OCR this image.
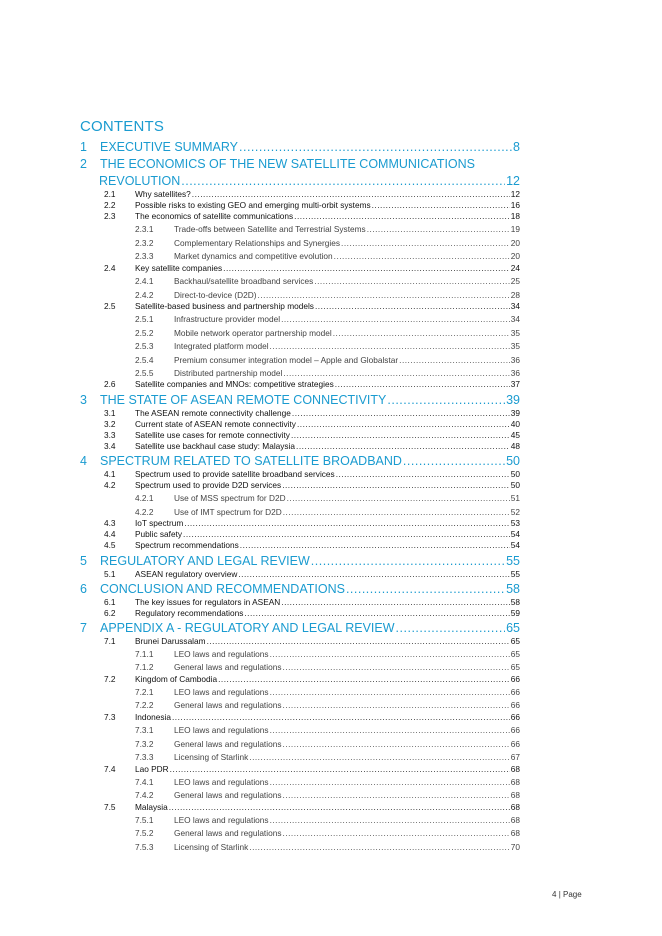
CONTENTS
1	EXECUTIVE SUMMARY .....	8
2	THE ECONOMICS OF THE NEW SATELLITE COMMUNICATIONS
REVOLUTION .....	12
2.1	Why satellites? .....	12
2.2	Possible risks to existing GEO and emerging multi-orbit systems .....	16
2.3	The economics of satellite communications .....	18
2.3.1	Trade-offs between Satellite and Terrestrial Systems .....	19
2.3.2	Complementary Relationships and Synergies .....	20
2.3.3	Market dynamics and competitive evolution .....	20
2.4	Key satellite companies .....	24
2.4.1	Backhaul/satellite broadband services .....	25
2.4.2	Direct-to-device (D2D) .....	28
2.5	Satellite-based business and partnership models .....	34
2.5.1	Infrastructure provider model .....	34
2.5.2	Mobile network operator partnership model .....	35
2.5.3	Integrated platform model .....	35
2.5.4	Premium consumer integration model – Apple and Globalstar .....	36
2.5.5	Distributed partnership model .....	36
2.6	Satellite companies and MNOs: competitive strategies .....	37
3	THE STATE OF ASEAN REMOTE CONNECTIVITY .....	39
3.1	The ASEAN remote connectivity challenge .....	39
3.2	Current state of ASEAN remote connectivity .....	40
3.3	Satellite use cases for remote connectivity .....	45
3.4	Satellite use backhaul case study: Malaysia .....	48
4	SPECTRUM RELATED TO SATELLITE BROADBAND .....	50
4.1	Spectrum used to provide satellite broadband services .....	50
4.2	Spectrum used to provide D2D services .....	50
4.2.1	Use of MSS spectrum for D2D .....	51
4.2.2	Use of IMT spectrum for D2D .....	52
4.3	IoT spectrum .....	53
4.4	Public safety .....	54
4.5	Spectrum recommendations .....	54
5	REGULATORY AND LEGAL REVIEW .....	55
5.1	ASEAN regulatory overview .....	55
6	CONCLUSION AND RECOMMENDATIONS .....	58
6.1	The key issues for regulators in ASEAN .....	58
6.2	Regulatory recommendations .....	59
7	APPENDIX A - REGULATORY AND LEGAL REVIEW .....	65
7.1	Brunei Darussalam .....	65
7.1.1	LEO laws and regulations .....	65
7.1.2	General laws and regulations .....	65
7.2	Kingdom of Cambodia .....	66
7.2.1	LEO laws and regulations .....	66
7.2.2	General laws and regulations .....	66
7.3	Indonesia .....	66
7.3.1	LEO laws and regulations .....	66
7.3.2	General laws and regulations .....	66
7.3.3	Licensing of Starlink .....	67
7.4	Lao PDR .....	68
7.4.1	LEO laws and regulations .....	68
7.4.2	General laws and regulations .....	68
7.5	Malaysia .....	68
7.5.1	LEO laws and regulations .....	68
7.5.2	General laws and regulations .....	68
7.5.3	Licensing of Starlink .....	70
4 | Page
